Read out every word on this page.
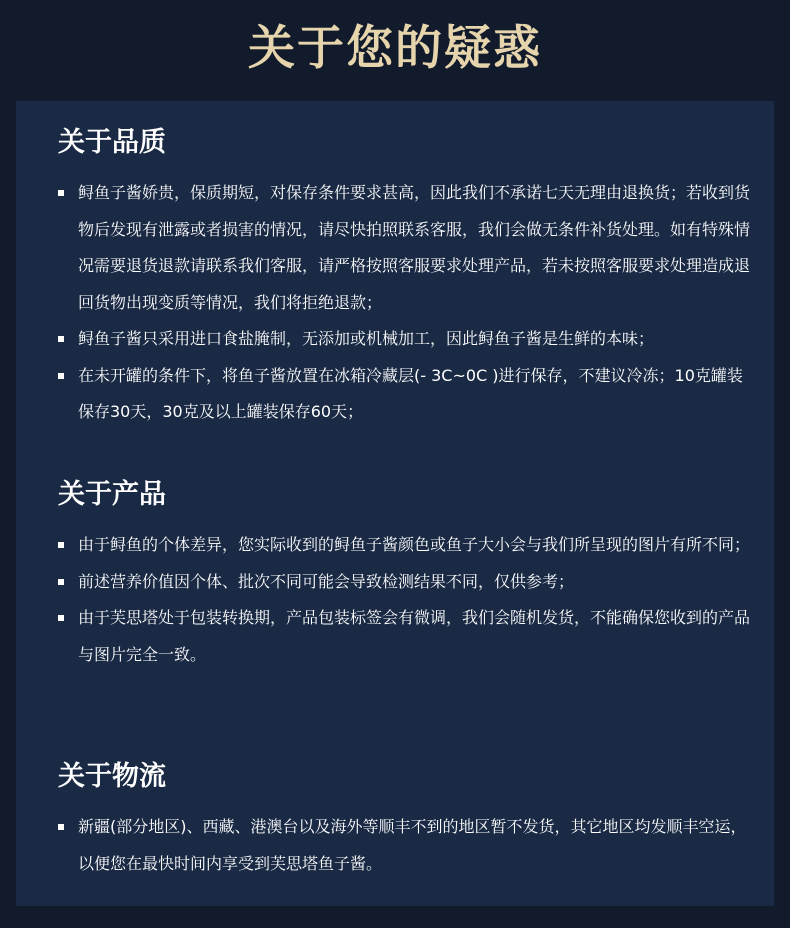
关于您的疑惑
关于品质
鲟鱼子酱娇贵，保质期短，对保存条件要求甚高，因此我们不承诺七天无理由退换货；若收到货物后发现有泄露或者损害的情况，请尽快拍照联系客服，我们会做无条件补货处理。如有特殊情况需要退货退款请联系我们客服，请严格按照客服要求处理产品，若未按照客服要求处理造成退回货物出现变质等情况，我们将拒绝退款；
鲟鱼子酱只采用进口食盐腌制，无添加或机械加工，因此鲟鱼子酱是生鲜的本味；
在未开罐的条件下，将鱼子酱放置在冰箱冷藏层(- 3C~0C )进行保存，不建议冷冻；10克罐装保存30天，30克及以上罐装保存60天；
关于产品
由于鲟鱼的个体差异，您实际收到的鲟鱼子酱颜色或鱼子大小会与我们所呈现的图片有所不同；
前述营养价值因个体、批次不同可能会导致检测结果不同，仅供参考；
由于芙思塔处于包装转换期，产品包装标签会有微调，我们会随机发货，不能确保您收到的产品与图片完全一致。
关于物流
新疆(部分地区)、西藏、港澳台以及海外等顺丰不到的地区暂不发货，其它地区均发顺丰空运，以便您在最快时间内享受到芙思塔鱼子酱。
